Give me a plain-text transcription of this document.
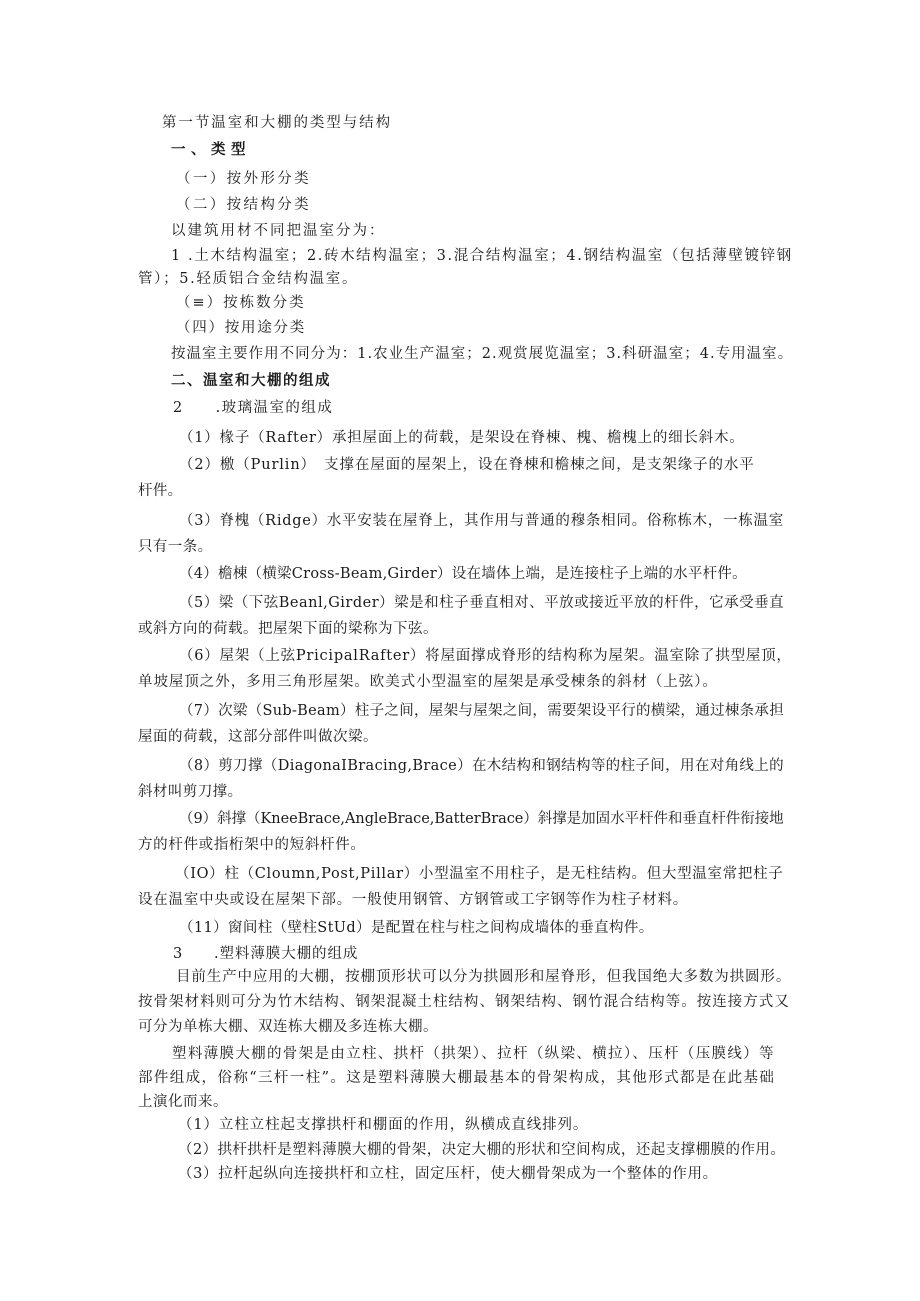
第一节温室和大棚的类型与结构
一、类型
（一）按外形分类
（二）按结构分类
以建筑用材不同把温室分为：
1 .土木结构温室；2.砖木结构温室；3.混合结构温室；4.钢结构温室（包括薄壁镀锌钢
管）；5.轻质铝合金结构温室。
（≡）按栋数分类
（四）按用途分类
按温室主要作用不同分为：1.农业生产温室；2.观赏展览温室；3.科研温室；4.专用温室。
二、温室和大棚的组成
2　　.玻璃温室的组成
（1）椽子（Rafter）承担屋面上的荷载，是架设在脊棟、槐、檐槐上的细长斜木。
（2）檄（Purlin）　支撑在屋面的屋架上，设在脊棟和檐棟之间，是支架缘子的水平
杆件。
（3）脊槐（Ridge）水平安装在屋脊上，其作用与普通的穆条相同。俗称栋木，一栋温室
只有一条。
（4）檐棟（横梁Cross-Beam,Girder）设在墙体上端，是连接柱子上端的水平杆件。
（5）梁（下弦Beanl,Girder）梁是和柱子垂直相对、平放或接近平放的杆件，它承受垂直
或斜方向的荷载。把屋架下面的梁称为下弦。
（6）屋架（上弦PricipalRafter）将屋面撑成脊形的结构称为屋架。温室除了拱型屋顶，
单坡屋顶之外，多用三角形屋架。欧美式小型温室的屋架是承受棟条的斜材（上弦）。
（7）次梁（Sub-Beam）柱子之间，屋架与屋架之间，需要架设平行的横梁，通过棟条承担
屋面的荷载，这部分部件叫做次梁。
（8）剪刀撑（DiagonaIBracing,Brace）在木结构和钢结构等的柱子间，用在对角线上的
斜材叫剪刀撑。
（9）斜撑（KneeBrace,AngleBrace,BatterBrace）斜撑是加固水平杆件和垂直杆件衔接地
方的杆件或指桁架中的短斜杆件。
（IO）柱（Cloumn,Post,Pillar）小型温室不用柱子，是无柱结构。但大型温室常把柱子
设在温室中央或设在屋架下部。一般使用钢管、方钢管或工字钢等作为柱子材料。
（11）窗间柱（壁柱StUd）是配置在柱与柱之间构成墙体的垂直构件。
3　　.塑料薄膜大棚的组成
目前生产中应用的大棚，按棚顶形状可以分为拱圆形和屋脊形，但我国绝大多数为拱圆形。
按骨架材料则可分为竹木结构、钢架混凝土柱结构、钢架结构、钢竹混合结构等。按连接方式又
可分为单栋大棚、双连栋大棚及多连栋大棚。
塑料薄膜大棚的骨架是由立柱、拱杆（拱架）、拉杆（纵梁、横拉）、压杆（压膜线）等
部件组成，俗称“三杆一柱”。这是塑料薄膜大棚最基本的骨架构成，其他形式都是在此基础
上演化而来。
（1）立柱立柱起支撑拱杆和棚面的作用，纵横成直线排列。
（2）拱杆拱杆是塑料薄膜大棚的骨架，决定大棚的形状和空间构成，还起支撑棚膜的作用。
（3）拉杆起纵向连接拱杆和立柱，固定压杆，使大棚骨架成为一个整体的作用。
